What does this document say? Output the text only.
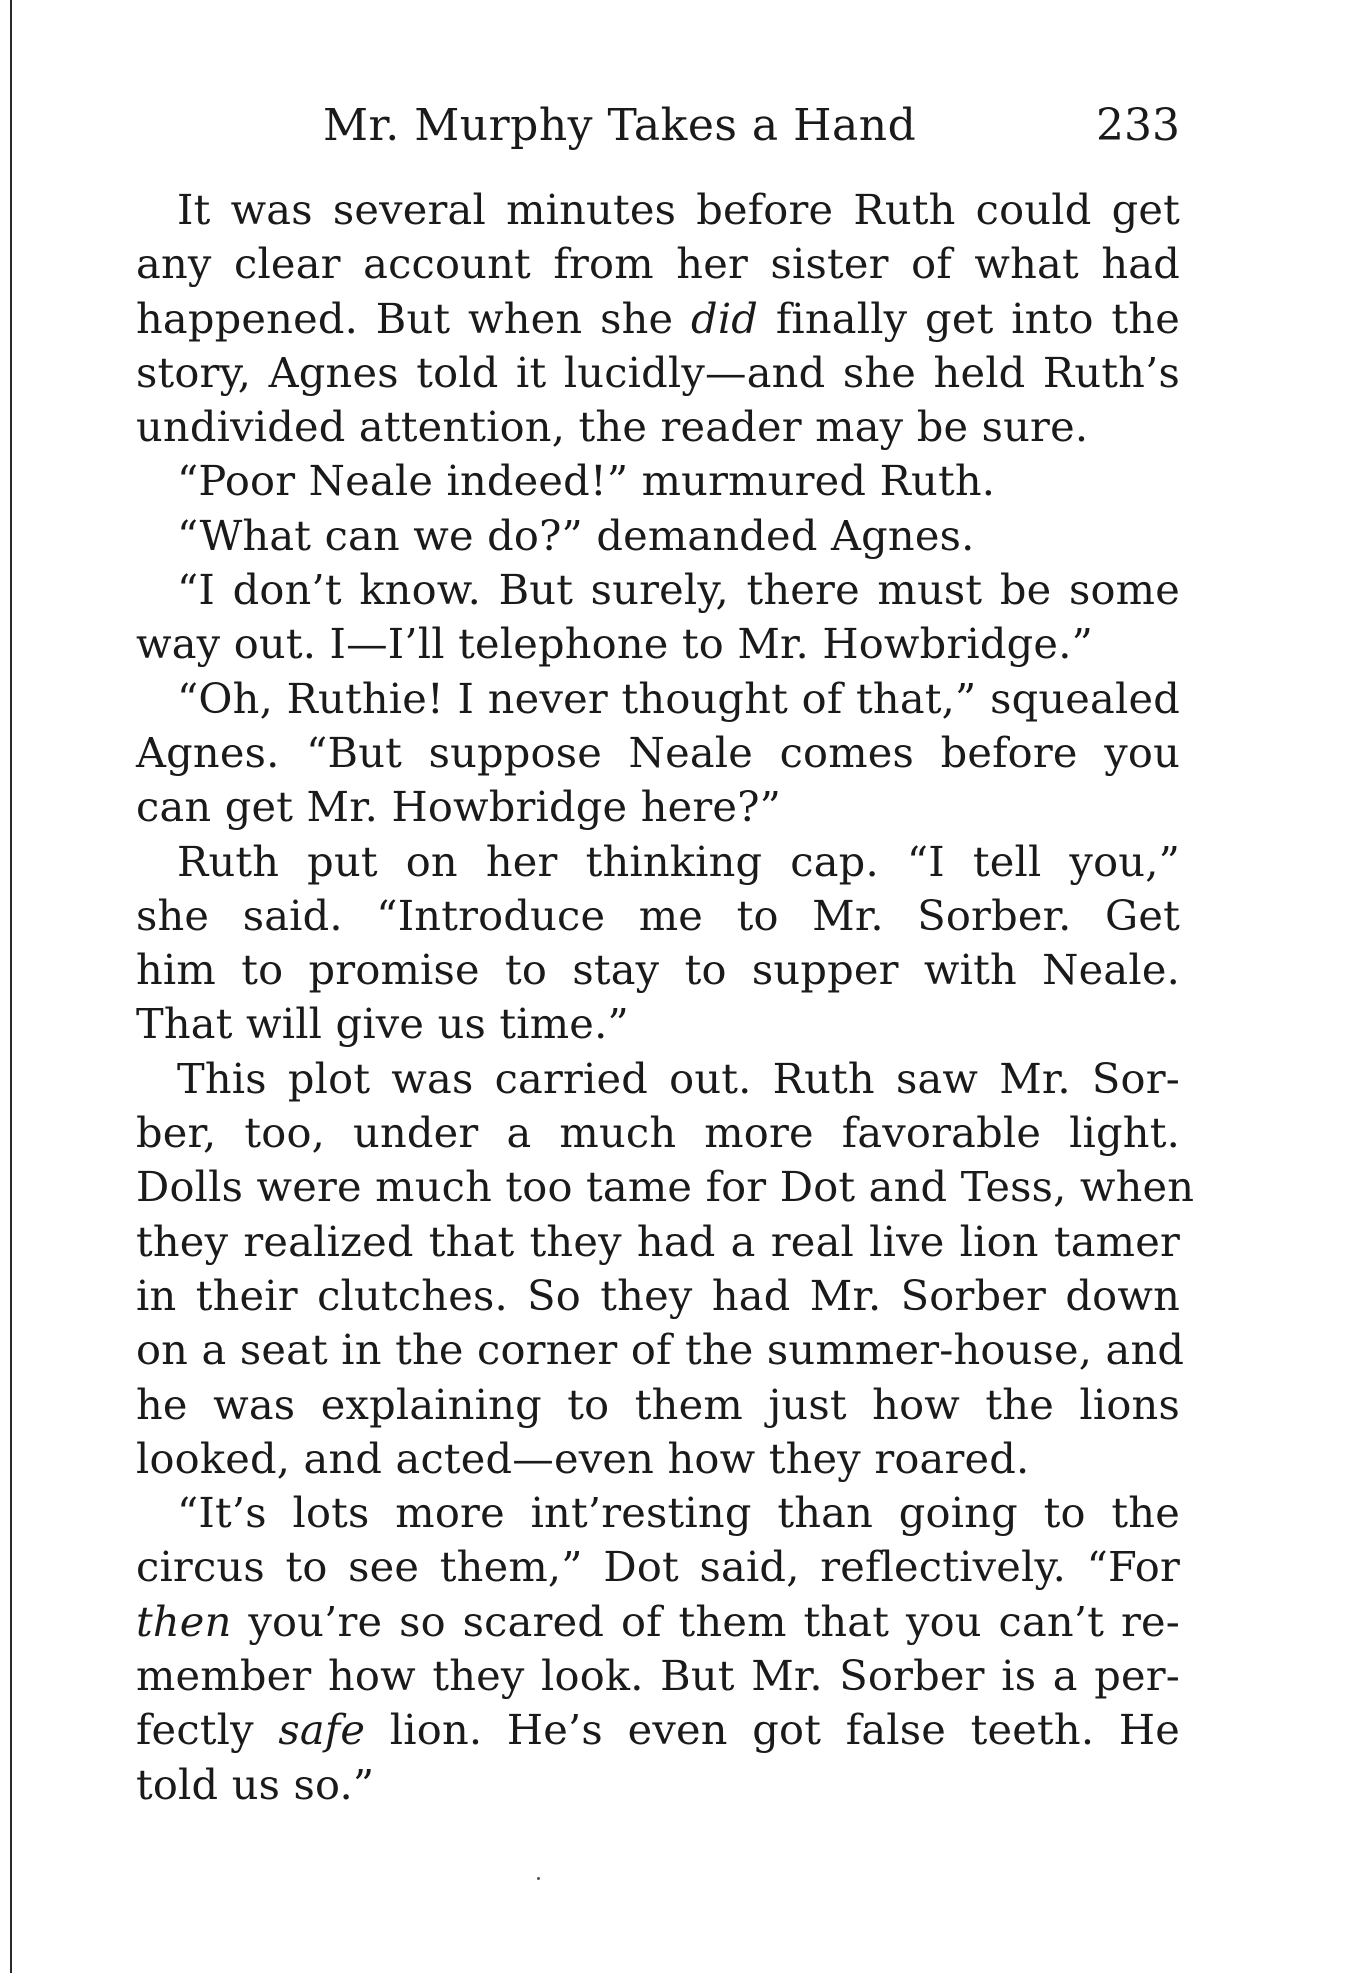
Mr. Murphy Takes a Hand	233

It was several minutes before Ruth could get
any clear account from her sister of what had
happened. But when she did finally get into the
story, Agnes told it lucidly—and she held Ruth’s
undivided attention, the reader may be sure.

“Poor Neale indeed!” murmured Ruth.

“What can we do?” demanded Agnes.

“I don’t know. But surely, there must be some
way out. I—I’ll telephone to Mr. Howbridge.”

“Oh, Ruthie! I never thought of that,” squealed
Agnes. “But suppose Neale comes before you
can get Mr. Howbridge here?”

Ruth put on her thinking cap. “I tell you,”
she said. “Introduce me to Mr. Sorber. Get
him to promise to stay to supper with Neale.
That will give us time.”

This plot was carried out. Ruth saw Mr. Sor-
ber, too, under a much more favorable light.
Dolls were much too tame for Dot and Tess, when
they realized that they had a real live lion tamer
in their clutches. So they had Mr. Sorber down
on a seat in the corner of the summer-house, and
he was explaining to them just how the lions
looked, and acted—even how they roared.

“It’s lots more int’resting than going to the
circus to see them,” Dot said, reflectively. “For
then you’re so scared of them that you can’t re-
member how they look. But Mr. Sorber is a per-
fectly safe lion. He’s even got false teeth. He
told us so.”
